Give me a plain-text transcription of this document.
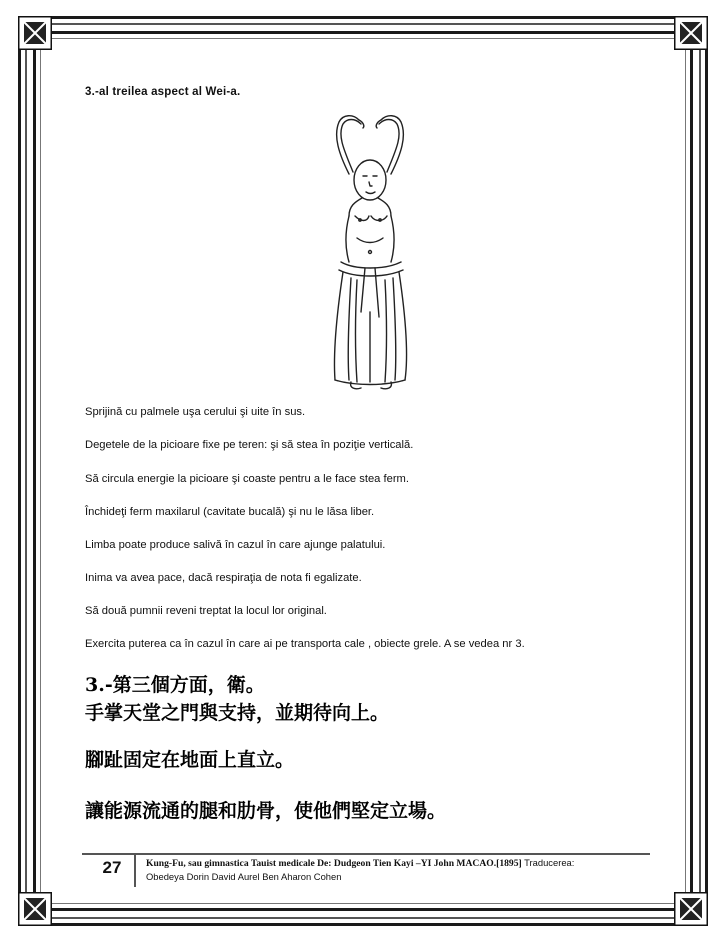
3.-al treilea aspect al Wei-a.
Sprijină cu palmele uşa cerului şi uite în sus.
Degetele de la picioare fixe pe teren: şi să stea în poziţie verticală.
Să circula energie la picioare şi coaste pentru a le face stea ferm.
Închideţi ferm maxilarul (cavitate bucală) şi nu le lăsa liber.
Limba poate produce salivă în cazul în care ajunge palatului.
Inima va avea pace, dacă respiraţia de nota fi egalizate.
Să două pumnii reveni treptat la locul lor original.
Exercita puterea ca în cazul în care ai pe transporta cale , obiecte grele. A se vedea nr 3.
3.-第三個方面，衛。
手掌天堂之門與支持，並期待向上。
腳趾固定在地面上直立。
讓能源流通的腿和肋骨，使他們堅定立場。
27	Kung-Fu, sau gimnastica Tauist medicale De: Dudgeon Tien Kayi –YI John MACAO.[1895] Traducerea:
Obedeya Dorin David Aurel Ben Aharon Cohen
